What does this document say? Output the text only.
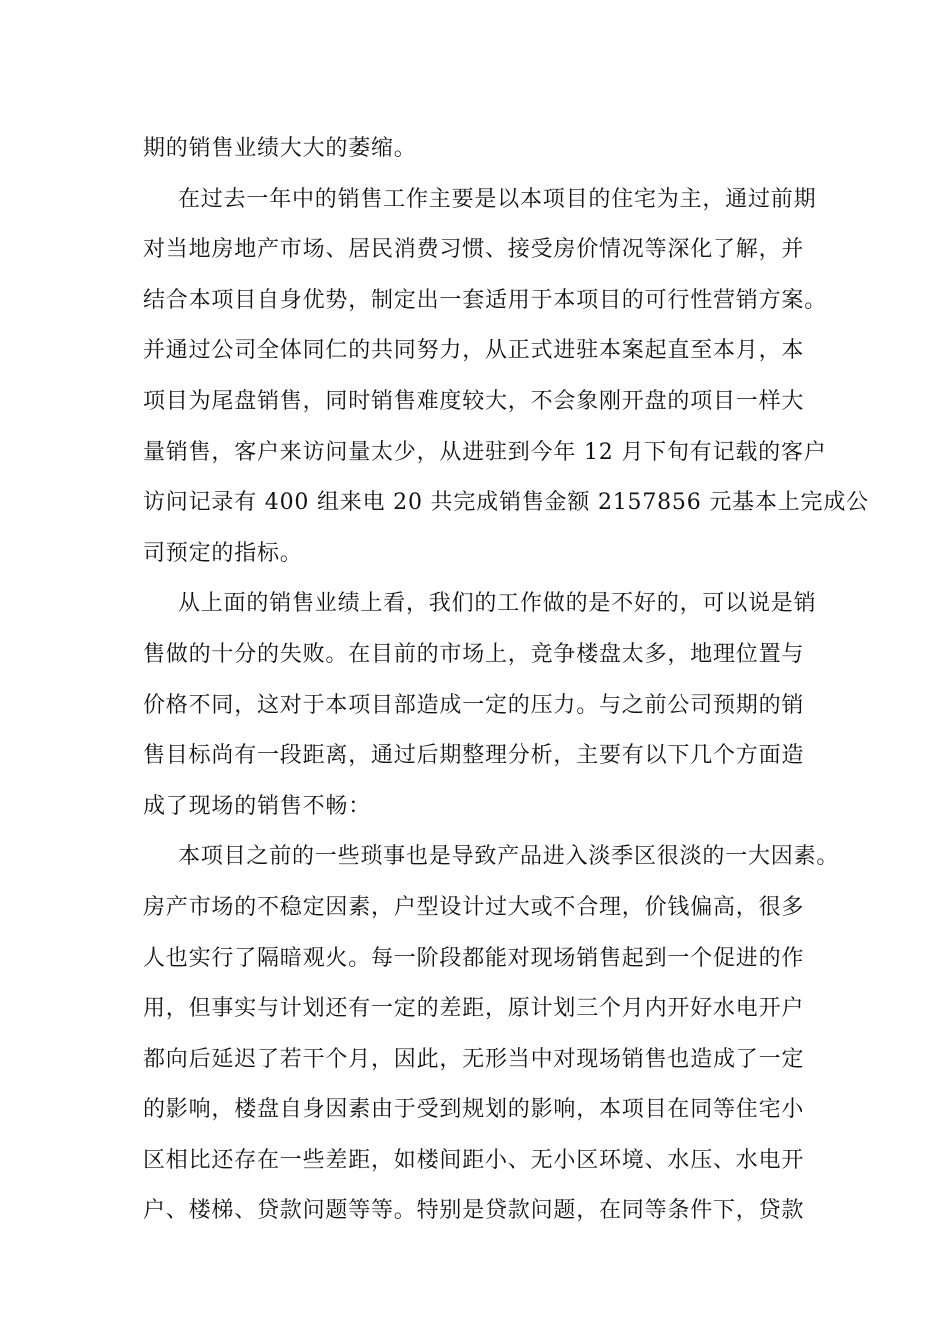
期的销售业绩大大的萎缩。
在过去一年中的销售工作主要是以本项目的住宅为主，通过前期
对当地房地产市场、居民消费习惯、接受房价情况等深化了解，并
结合本项目自身优势，制定出一套适用于本项目的可行性营销方案。
并通过公司全体同仁的共同努力，从正式进驻本案起直至本月，本
项目为尾盘销售，同时销售难度较大，不会象刚开盘的项目一样大
量销售，客户来访问量太少，从进驻到今年 12 月下旬有记载的客户
访问记录有 400 组来电 20 共完成销售金额 2157856 元基本上完成公
司预定的指标。
从上面的销售业绩上看，我们的工作做的是不好的，可以说是销
售做的十分的失败。在目前的市场上，竞争楼盘太多，地理位置与
价格不同，这对于本项目部造成一定的压力。与之前公司预期的销
售目标尚有一段距离，通过后期整理分析，主要有以下几个方面造
成了现场的销售不畅：
本项目之前的一些琐事也是导致产品进入淡季区很淡的一大因素。
房产市场的不稳定因素，户型设计过大或不合理，价钱偏高，很多
人也实行了隔暗观火。每一阶段都能对现场销售起到一个促进的作
用，但事实与计划还有一定的差距，原计划三个月内开好水电开户
都向后延迟了若干个月，因此，无形当中对现场销售也造成了一定
的影响，楼盘自身因素由于受到规划的影响，本项目在同等住宅小
区相比还存在一些差距，如楼间距小、无小区环境、水压、水电开
户、楼梯、贷款问题等等。特别是贷款问题，在同等条件下，贷款
